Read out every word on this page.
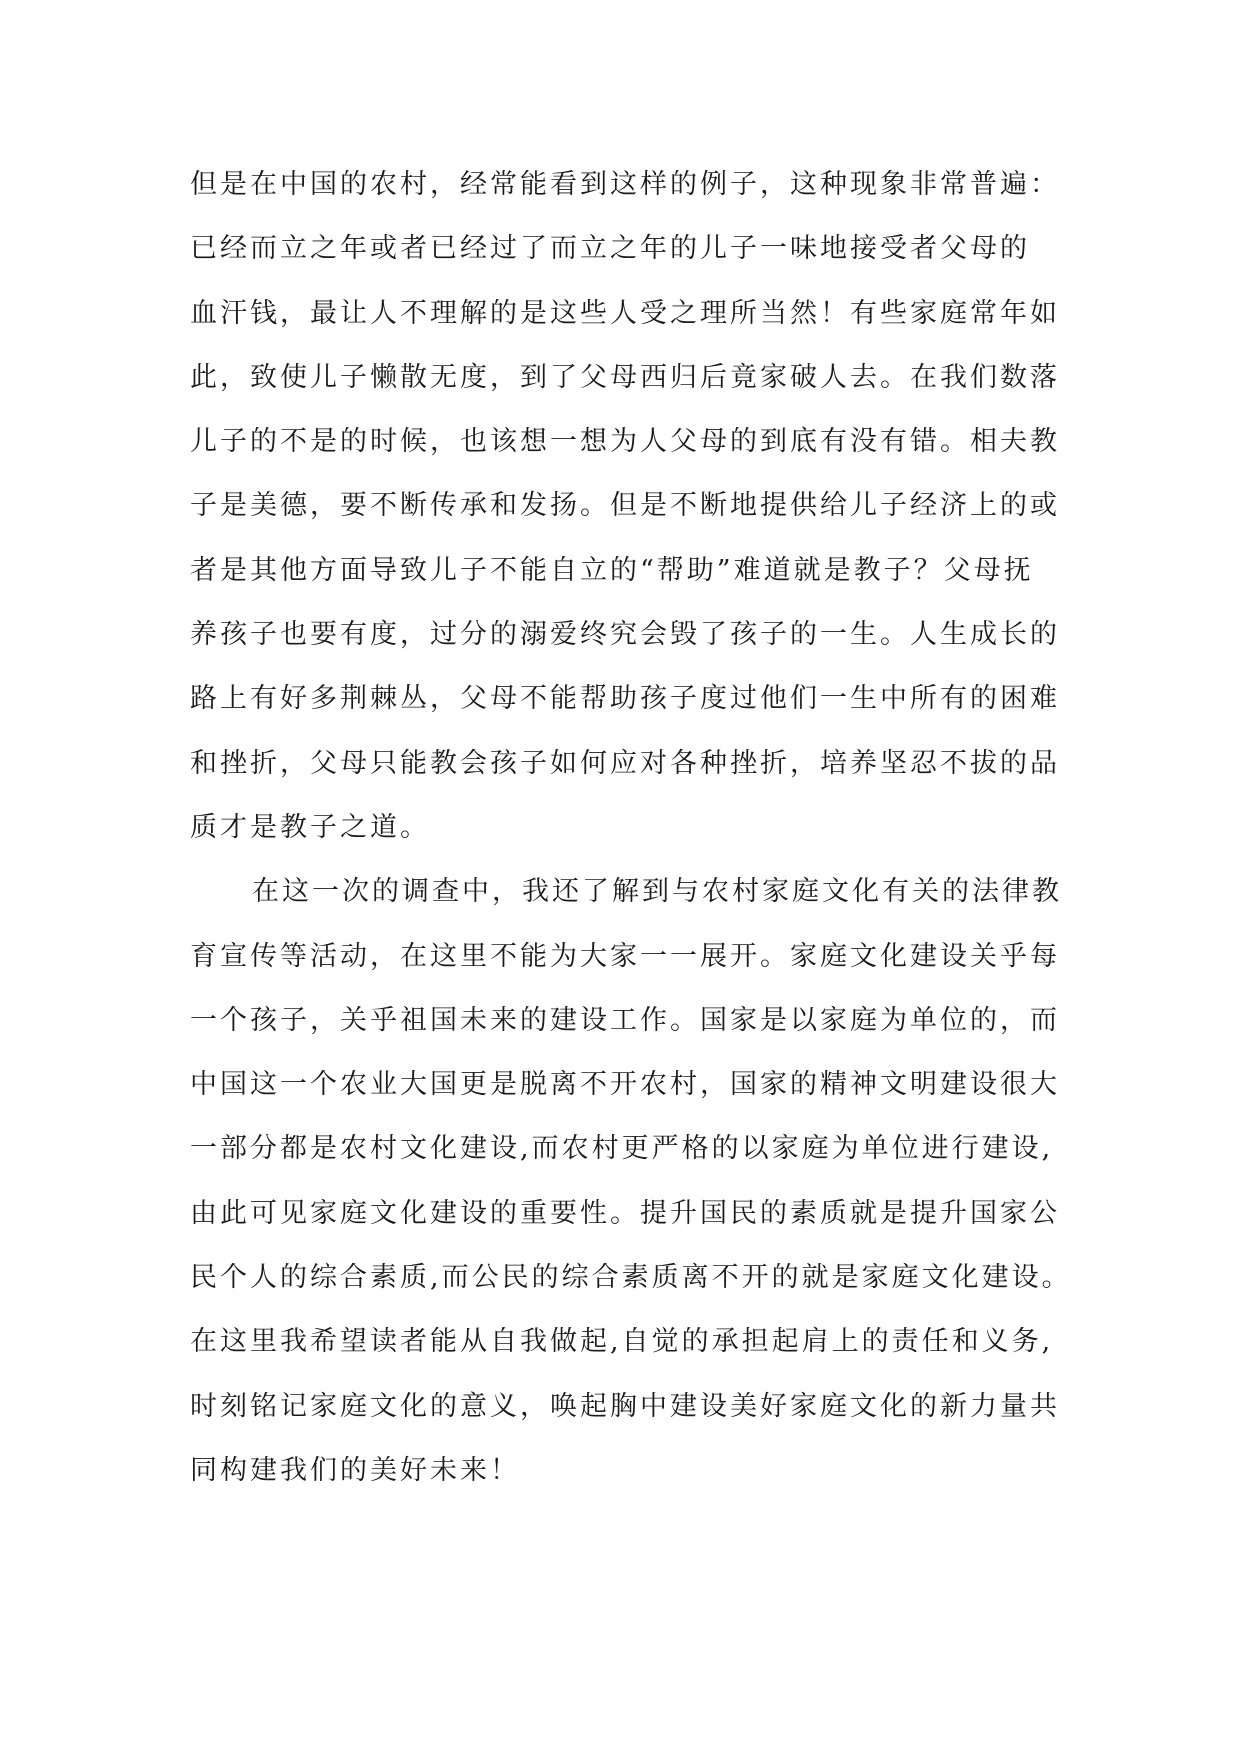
但是在中国的农村，经常能看到这样的例子，这种现象非常普遍：
已经而立之年或者已经过了而立之年的儿子一味地接受者父母的
血汗钱，最让人不理解的是这些人受之理所当然！有些家庭常年如
此，致使儿子懒散无度，到了父母西归后竟家破人去。在我们数落
儿子的不是的时候，也该想一想为人父母的到底有没有错。相夫教
子是美德，要不断传承和发扬。但是不断地提供给儿子经济上的或
者是其他方面导致儿子不能自立的“帮助”难道就是教子？父母抚
养孩子也要有度，过分的溺爱终究会毁了孩子的一生。人生成长的
路上有好多荆棘丛，父母不能帮助孩子度过他们一生中所有的困难
和挫折，父母只能教会孩子如何应对各种挫折，培养坚忍不拔的品
质才是教子之道。
在这一次的调查中，我还了解到与农村家庭文化有关的法律教
育宣传等活动，在这里不能为大家一一展开。家庭文化建设关乎每
一个孩子，关乎祖国未来的建设工作。国家是以家庭为单位的，而
中国这一个农业大国更是脱离不开农村，国家的精神文明建设很大
一部分都是农村文化建设,而农村更严格的以家庭为单位进行建设,
由此可见家庭文化建设的重要性。提升国民的素质就是提升国家公
民个人的综合素质,而公民的综合素质离不开的就是家庭文化建设。
在这里我希望读者能从自我做起,自觉的承担起肩上的责任和义务,
时刻铭记家庭文化的意义，唤起胸中建设美好家庭文化的新力量共
同构建我们的美好未来！
